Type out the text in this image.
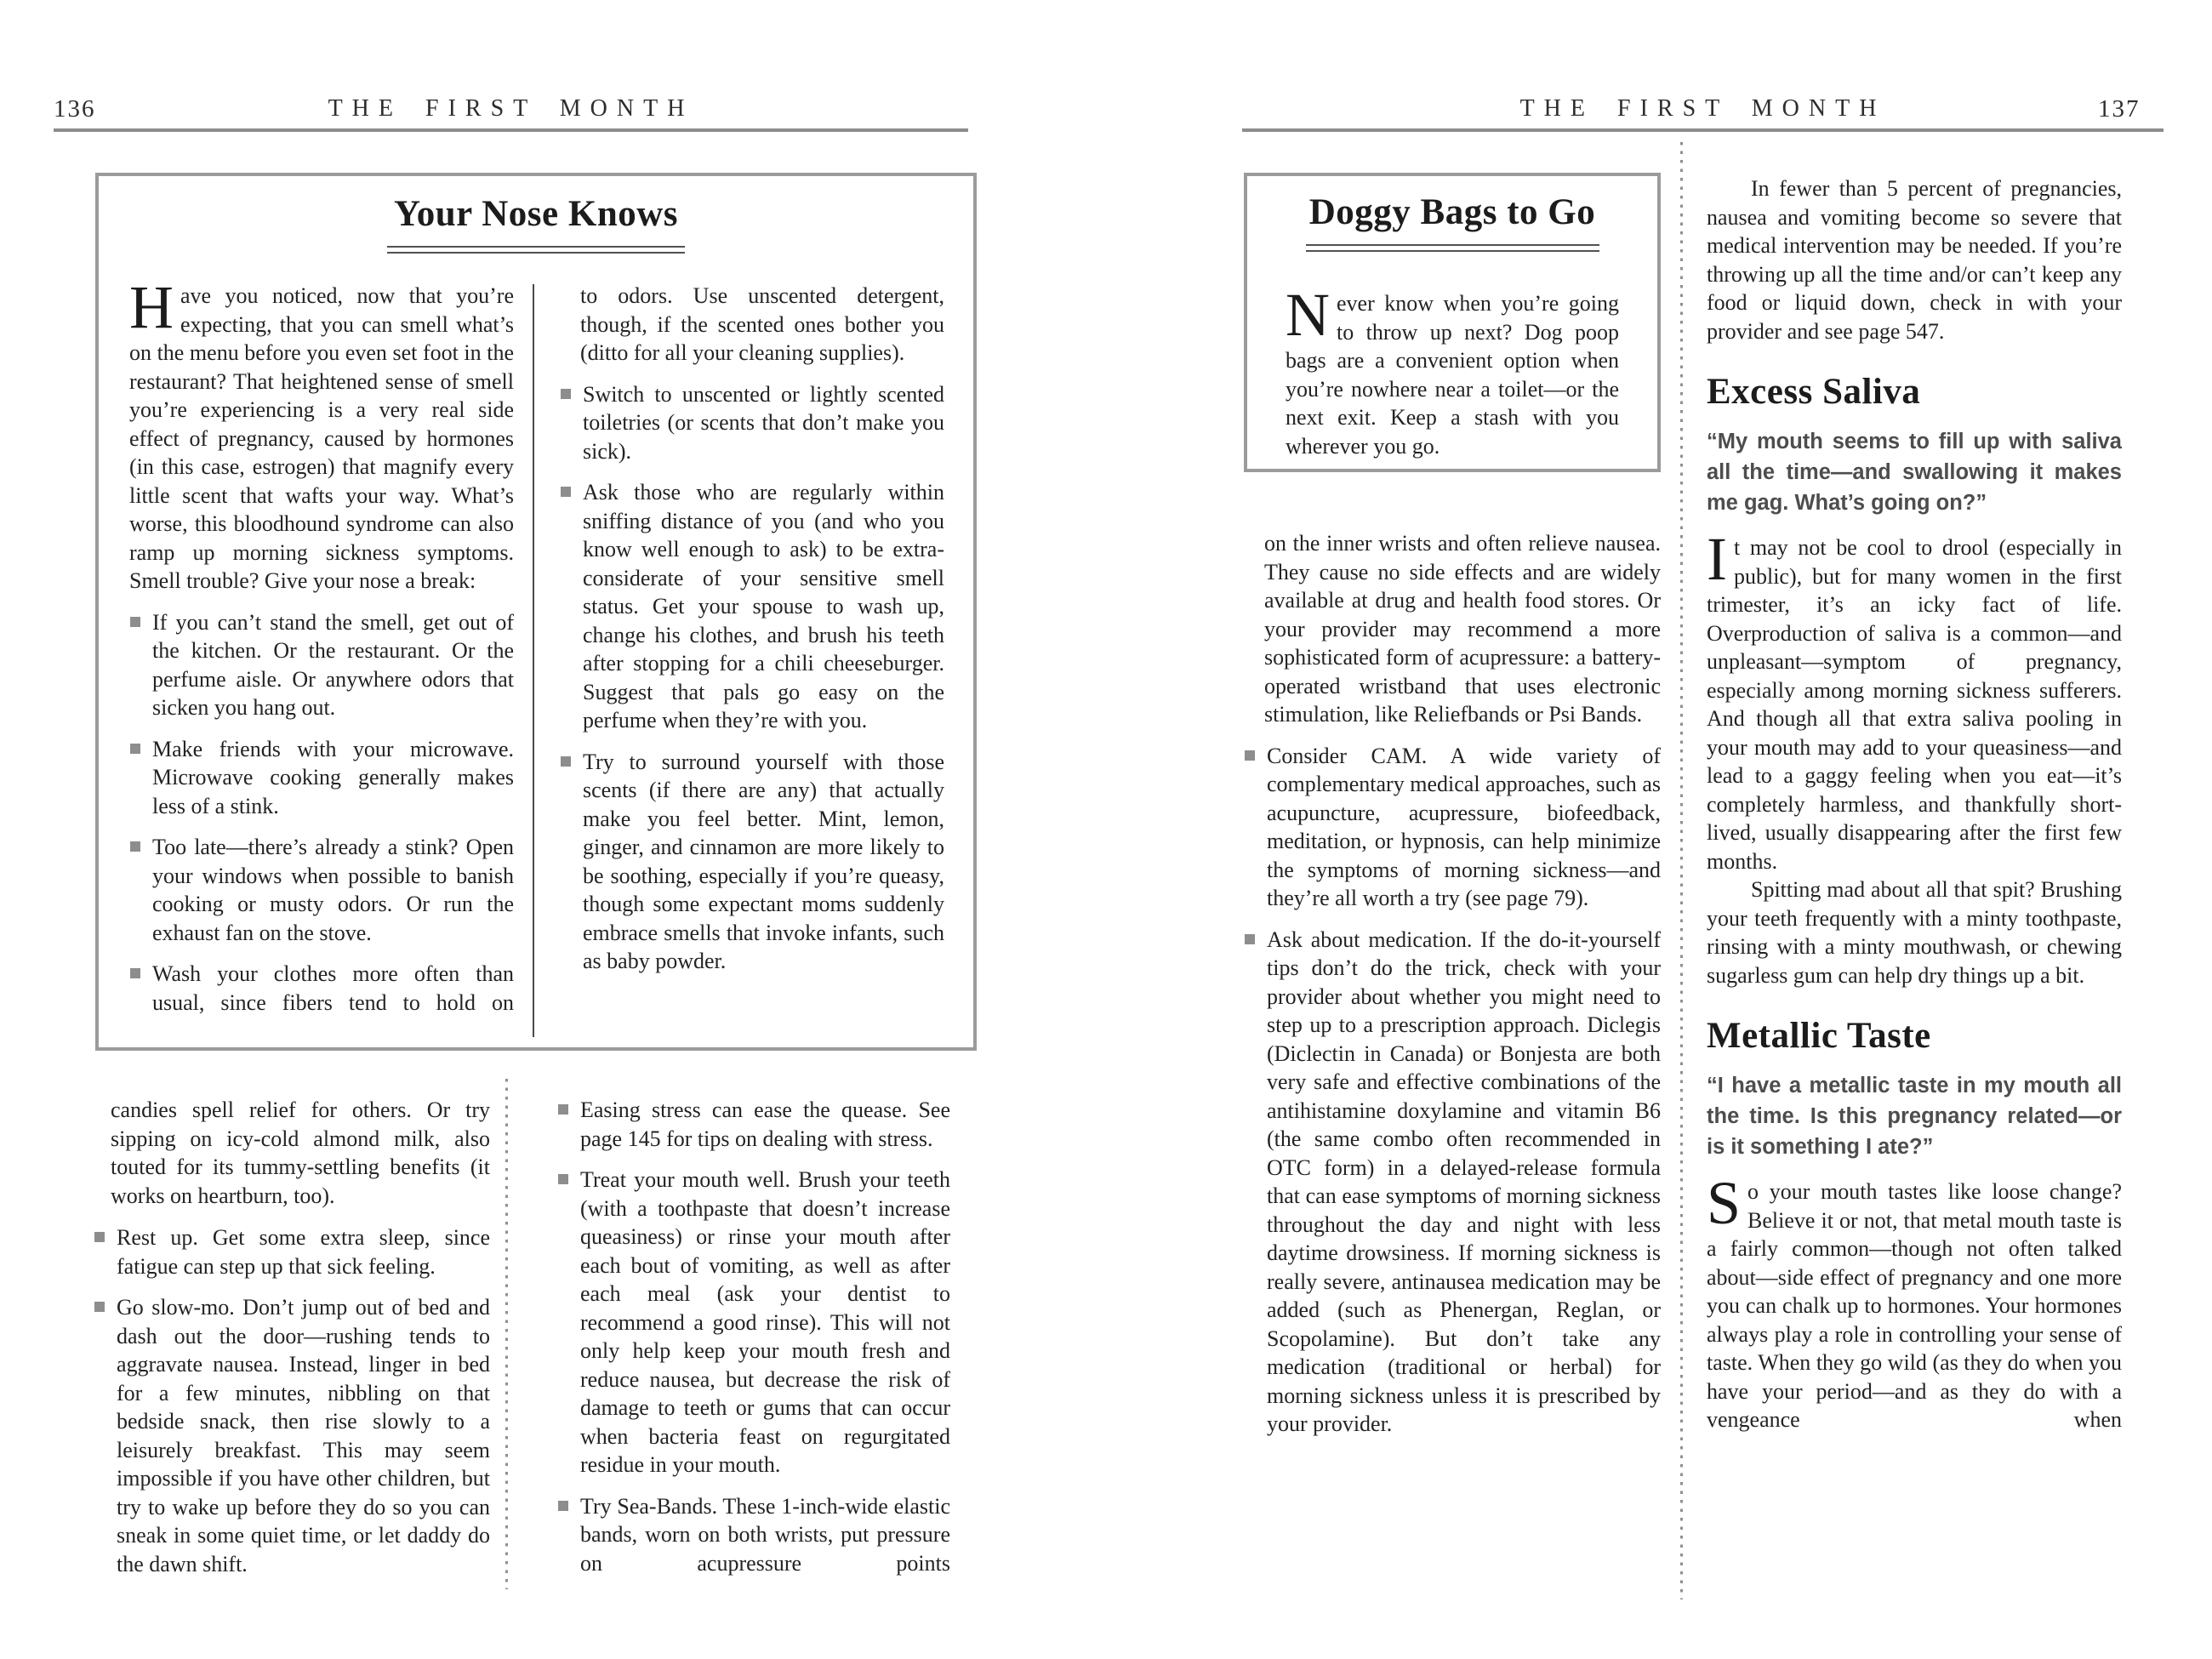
136	THE FIRST MONTH	THE FIRST MONTH	137
Your Nose Knows

Have you noticed, now that you’re expecting, that you can smell what’s on the menu before you even set foot in the restaurant? That heightened sense of smell you’re experiencing is a very real side effect of pregnancy, caused by hormones (in this case, estrogen) that magnify every little scent that wafts your way. What’s worse, this bloodhound syndrome can also ramp up morning sickness symptoms. Smell trouble? Give your nose a break:

If you can’t stand the smell, get out of the kitchen. Or the restaurant. Or the perfume aisle. Or anywhere odors that sicken you hang out.
Make friends with your microwave. Microwave cooking generally makes less of a stink.
Too late—there’s already a stink? Open your windows when possible to banish cooking or musty odors. Or run the exhaust fan on the stove.
Wash your clothes more often than usual, since fibers tend to hold on

to odors. Use unscented detergent, though, if the scented ones bother you (ditto for all your cleaning supplies).

Switch to unscented or lightly scented toiletries (or scents that don’t make you sick).
Ask those who are regularly within sniffing distance of you (and who you know well enough to ask) to be extra-considerate of your sensitive smell status. Get your spouse to wash up, change his clothes, and brush his teeth after stopping for a chili cheeseburger. Suggest that pals go easy on the perfume when they’re with you.
Try to surround yourself with those scents (if there are any) that actually make you feel better. Mint, lemon, ginger, and cinnamon are more likely to be soothing, especially if you’re queasy, though some expectant moms suddenly embrace smells that invoke infants, such as baby powder.

candies spell relief for others. Or try sipping on icy-cold almond milk, also touted for its tummy-settling benefits (it works on heartburn, too).

Rest up. Get some extra sleep, since fatigue can step up that sick feeling.
Go slow-mo. Don’t jump out of bed and dash out the door—rushing tends to aggravate nausea. Instead, linger in bed for a few minutes, nibbling on that bedside snack, then rise slowly to a leisurely breakfast. This may seem impossible if you have other children, but try to wake up before they do so you can sneak in some quiet time, or let daddy do the dawn shift.

Easing stress can ease the quease. See page 145 for tips on dealing with stress.

Treat your mouth well. Brush your teeth (with a toothpaste that doesn’t increase queasiness) or rinse your mouth after each bout of vomiting, as well as after each meal (ask your dentist to recommend a good rinse). This will not only help keep your mouth fresh and reduce nausea, but decrease the risk of damage to teeth or gums that can occur when bacteria feast on regurgitated residue in your mouth.
Try Sea-Bands. These 1-inch-wide elastic bands, worn on both wrists, put pressure on acupressure points
Doggy Bags to Go

Never know when you’re going to throw up next? Dog poop bags are a convenient option when you’re nowhere near a toilet—or the next exit. Keep a stash with you wherever you go.

on the inner wrists and often relieve nausea. They cause no side effects and are widely available at drug and health food stores. Or your provider may recommend a more sophisticated form of acupressure: a battery-operated wristband that uses electronic stimulation, like Reliefbands or Psi Bands.

Consider CAM. A wide variety of complementary medical approaches, such as acupuncture, acupressure, biofeedback, meditation, or hypnosis, can help minimize the symptoms of morning sickness—and they’re all worth a try (see page 79).
Ask about medication. If the do-it-yourself tips don’t do the trick, check with your provider about whether you might need to step up to a prescription approach. Diclegis (Diclectin in Canada) or Bonjesta are both very safe and effective combinations of the antihistamine doxylamine and vitamin B6 (the same combo often recommended in OTC form) in a delayed-release formula that can ease symptoms of morning sickness throughout the day and night with less daytime drowsiness. If morning sickness is really severe, antinausea medication may be added (such as Phenergan, Reglan, or Scopolamine). But don’t take any medication (traditional or herbal) for morning sickness unless it is prescribed by your provider.

In fewer than 5 percent of pregnancies, nausea and vomiting become so severe that medical intervention may be needed. If you’re throwing up all the time and/or can’t keep any food or liquid down, check in with your provider and see page 547.

Excess Saliva

“My mouth seems to fill up with saliva all the time—and swallowing it makes me gag. What’s going on?”

It may not be cool to drool (especially in public), but for many women in the first trimester, it’s an icky fact of life. Overproduction of saliva is a common—and unpleasant—symptom of pregnancy, especially among morning sickness sufferers. And though all that extra saliva pooling in your mouth may add to your queasiness—and lead to a gaggy feeling when you eat—it’s completely harmless, and thankfully short-lived, usually disappearing after the first few months.

Spitting mad about all that spit? Brushing your teeth frequently with a minty toothpaste, rinsing with a minty mouthwash, or chewing sugarless gum can help dry things up a bit.

Metallic Taste

“I have a metallic taste in my mouth all the time. Is this pregnancy related—or is it something I ate?”

So your mouth tastes like loose change? Believe it or not, that metal mouth taste is a fairly common—though not often talked about—side effect of pregnancy and one more you can chalk up to hormones. Your hormones always play a role in controlling your sense of taste. When they go wild (as they do when you have your period—and as they do with a vengeance when
